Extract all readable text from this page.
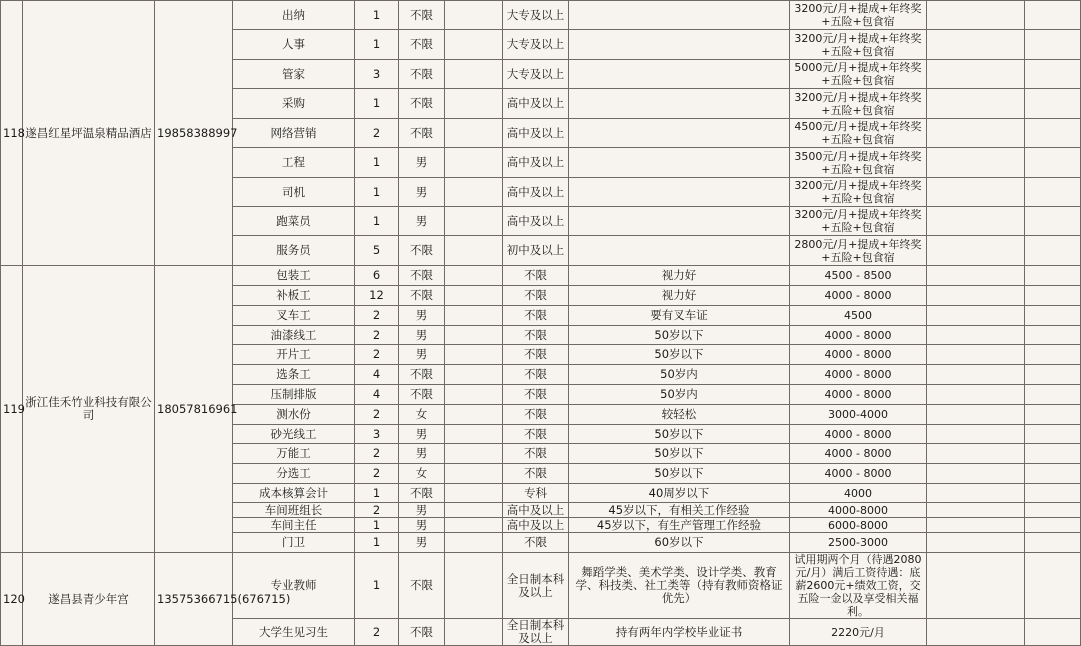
118	遂昌红星坪温泉精品酒店	19858388997	出纳	1	不限		大专及以上		3200元/月+提成+年终奖+五险+包食宿		
			人事	1	不限		大专及以上		3200元/月+提成+年终奖+五险+包食宿		
			管家	3	不限		大专及以上		5000元/月+提成+年终奖+五险+包食宿		
			采购	1	不限		高中及以上		3200元/月+提成+年终奖+五险+包食宿		
			网络营销	2	不限		高中及以上		4500元/月+提成+年终奖+五险+包食宿		
			工程	1	男		高中及以上		3500元/月+提成+年终奖+五险+包食宿		
			司机	1	男		高中及以上		3200元/月+提成+年终奖+五险+包食宿		
			跑菜员	1	男		高中及以上		3200元/月+提成+年终奖+五险+包食宿		
			服务员	5	不限		初中及以上		2800元/月+提成+年终奖+五险+包食宿		
119	浙江佳禾竹业科技有限公司	18057816961	包装工	6	不限		不限	视力好	4500 - 8500		
			补板工	12	不限		不限	视力好	4000 - 8000		
			叉车工	2	男		不限	要有叉车证	4500		
			油漆线工	2	男		不限	50岁以下	4000 - 8000		
			开片工	2	男		不限	50岁以下	4000 - 8000		
			选条工	4	不限		不限	50岁内	4000 - 8000		
			压制排版	4	不限		不限	50岁内	4000 - 8000		
			测水份	2	女		不限	较轻松	3000-4000		
			砂光线工	3	男		不限	50岁以下	4000 - 8000		
			万能工	2	男		不限	50岁以下	4000 - 8000		
			分选工	2	女		不限	50岁以下	4000 - 8000		
			成本核算会计	1	不限		专科	40周岁以下	4000		
			车间班组长	2	男		高中及以上	45岁以下，有相关工作经验	4000-8000		
			车间主任	1	男		高中及以上	45岁以下，有生产管理工作经验	6000-8000		
			门卫	1	男		不限	60岁以下	2500-3000		
120	遂昌县青少年宫	13575366715(676715)	专业教师	1	不限		全日制本科及以上	舞蹈学类、美术学类、设计学类、教育学、科技类、社工类等（持有教师资格证优先）	试用期两个月（待遇2080元/月）满后工资待遇：底薪2600元+绩效工资，交五险一金以及享受相关福利。		
			大学生见习生	2	不限		全日制本科及以上	持有两年内学校毕业证书	2220元/月		
